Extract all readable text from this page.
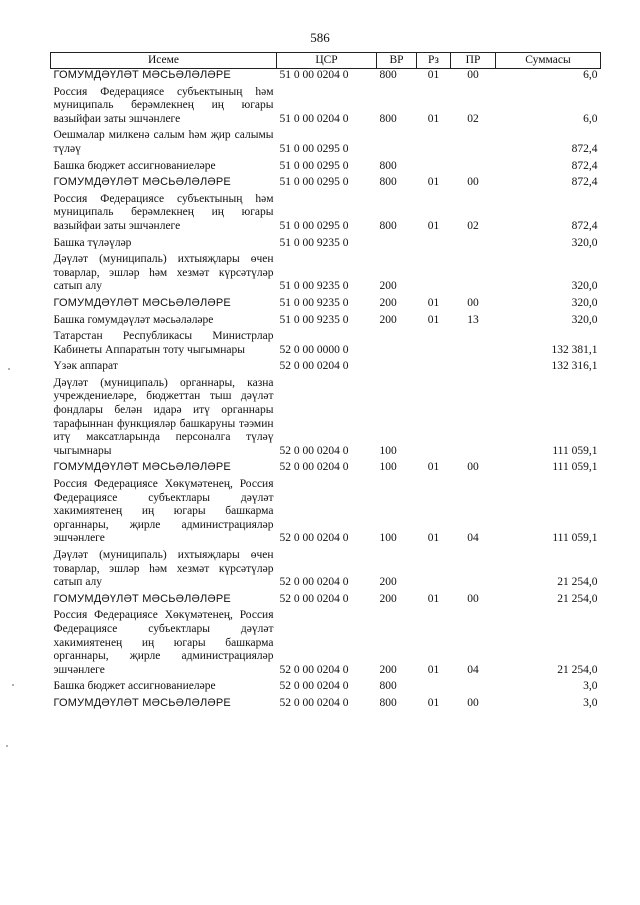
586
Исеме	ЦСР	ВР	Рз	ПР	Суммасы
ГОМУМДӘҮЛӘТ МӘСЬӘЛӘЛӘРЕ	51 0 00 0204 0	800	01	00	6,0
Россия Федерациясе субъектының һәм муниципаль берәмлекнең иң югары вазыйфаи заты эшчәнлеге	51 0 00 0204 0	800	01	02	6,0
Оешмалар милкенә салым һәм җир салымы түләү	51 0 00 0295 0				872,4
Башка бюджет ассигнованиеләре	51 0 00 0295 0	800			872,4
ГОМУМДӘҮЛӘТ МӘСЬӘЛӘЛӘРЕ	51 0 00 0295 0	800	01	00	872,4
Россия Федерациясе субъектының һәм муниципаль берәмлекнең иң югары вазыйфаи заты эшчәнлеге	51 0 00 0295 0	800	01	02	872,4
Башка түләүләр	51 0 00 9235 0				320,0
Дәүләт (муниципаль) ихтыяҗлары өчен товарлар, эшләр һәм хезмәт күрсәтүләр сатып алу	51 0 00 9235 0	200			320,0
ГОМУМДӘҮЛӘТ МӘСЬӘЛӘЛӘРЕ	51 0 00 9235 0	200	01	00	320,0
Башка гомумдәүләт мәсьәләләре	51 0 00 9235 0	200	01	13	320,0
Татарстан Республикасы Министрлар Кабинеты Аппаратын тоту чыгымнары	52 0 00 0000 0				132 381,1
Үзәк аппарат	52 0 00 0204 0				132 316,1
Дәүләт (муниципаль) органнары, казна учреждениеләре, бюджеттан тыш дәүләт фондлары белән идарә итү органнары тарафыннан функцияләр башкаруны тәэмин итү максатларында персоналга түләү чыгымнары	52 0 00 0204 0	100			111 059,1
ГОМУМДӘҮЛӘТ МӘСЬӘЛӘЛӘРЕ	52 0 00 0204 0	100	01	00	111 059,1
Россия Федерациясе Хөкүмәтенең, Россия Федерациясе субъектлары дәүләт хакимиятенең иң югары башкарма органнары, җирле администрацияләр эшчәнлеге	52 0 00 0204 0	100	01	04	111 059,1
Дәүләт (муниципаль) ихтыяҗлары өчен товарлар, эшләр һәм хезмәт күрсәтүләр сатып алу	52 0 00 0204 0	200			21 254,0
ГОМУМДӘҮЛӘТ МӘСЬӘЛӘЛӘРЕ	52 0 00 0204 0	200	01	00	21 254,0
Россия Федерациясе Хөкүмәтенең, Россия Федерациясе субъектлары дәүләт хакимиятенең иң югары башкарма органнары, җирле администрацияләр эшчәнлеге	52 0 00 0204 0	200	01	04	21 254,0
Башка бюджет ассигнованиеләре	52 0 00 0204 0	800			3,0
ГОМУМДӘҮЛӘТ МӘСЬӘЛӘЛӘРЕ	52 0 00 0204 0	800	01	00	3,0
